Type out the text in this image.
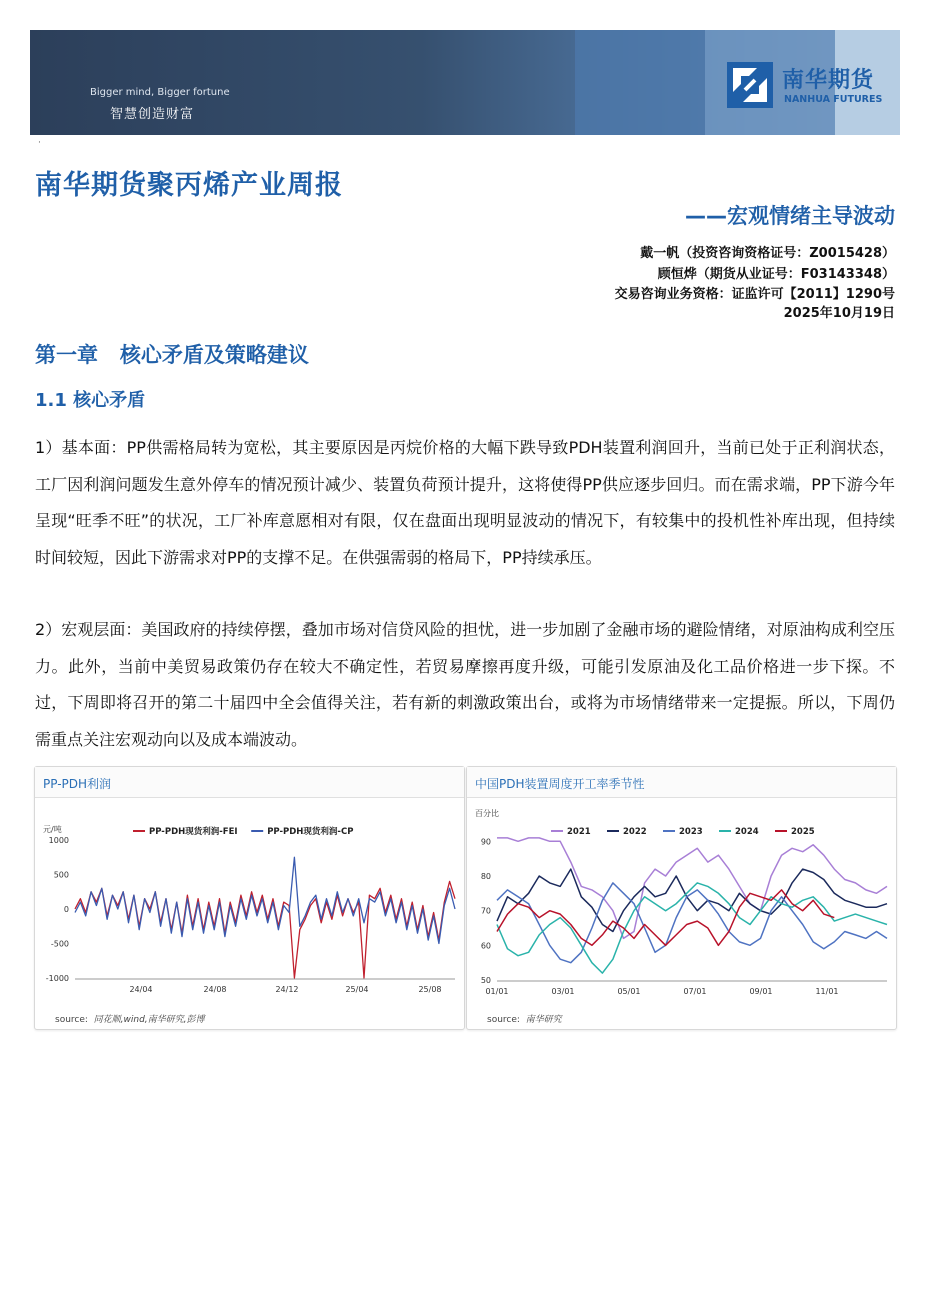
Bigger mind, Bigger fortune
智慧创造财富
南华期货
NANHUA FUTURES
·
南华期货聚丙烯产业周报
——宏观情绪主导波动
戴一帆（投资咨询资格证号：Z0015428）
顾恒烨（期货从业证号：F03143348）
交易咨询业务资格：证监许可【2011】1290号
2025年10月19日
第一章   核心矛盾及策略建议
1.1 核心矛盾

1）基本面：PP供需格局转为宽松，其主要原因是丙烷价格的大幅下跌导致PDH装置利润回升，当前已处于正利润状态，工厂因利润问题发生意外停车的情况预计减少、装置负荷预计提升，这将使得PP供应逐步回归。而在需求端，PP下游今年呈现“旺季不旺”的状况，工厂补库意愿相对有限，仅在盘面出现明显波动的情况下，有较集中的投机性补库出现，但持续时间较短，因此下游需求对PP的支撑不足。在供强需弱的格局下，PP持续承压。

2）宏观层面：美国政府的持续停摆，叠加市场对信贷风险的担忧，进一步加剧了金融市场的避险情绪，对原油构成利空压力。此外，当前中美贸易政策仍存在较大不确定性，若贸易摩擦再度升级，可能引发原油及化工品价格进一步下探。不过，下周即将召开的第二十届四中全会值得关注，若有新的刺激政策出台，或将为市场情绪带来一定提振。所以，下周仍需重点关注宏观动向以及成本端波动。

PP-PDH利润
元/吨
1000
500
0
-500
-1000
24/04	24/08	24/12	25/04	25/08
PP-PDH现货利润-FEI	PP-PDH现货利润-CP
source: 同花顺,wind,南华研究,彭博
中国PDH装置周度开工率季节性
百分比
90
80
70
60
50
01/01	03/01	05/01	07/01	09/01	11/01
2021	2022	2023	2024	2025
source: 南华研究
